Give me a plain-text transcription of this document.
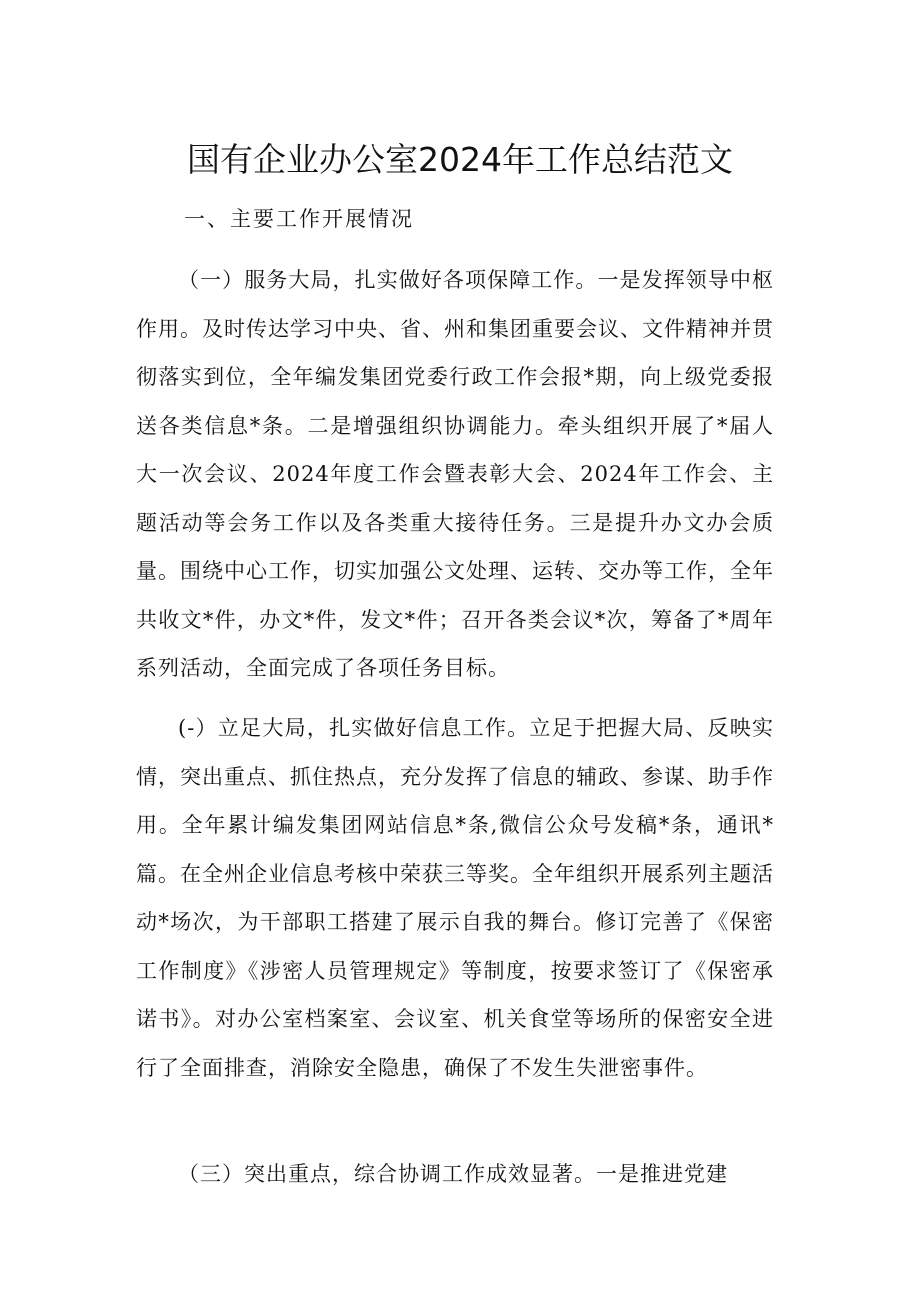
国有企业办公室2024年工作总结范文
一、主要工作开展情况

（一）服务大局，扎实做好各项保障工作。一是发挥领导中枢作用。及时传达学习中央、省、州和集团重要会议、文件精神并贯彻落实到位，全年编发集团党委行政工作会报*期，向上级党委报送各类信息*条。二是增强组织协调能力。牵头组织开展了*届人大一次会议、2024年度工作会暨表彰大会、2024年工作会、主题活动等会务工作以及各类重大接待任务。三是提升办文办会质量。围绕中心工作，切实加强公文处理、运转、交办等工作，全年共收文*件，办文*件，发文*件；召开各类会议*次，筹备了*周年系列活动，全面完成了各项任务目标。

(-）立足大局，扎实做好信息工作。立足于把握大局、反映实情，突出重点、抓住热点，充分发挥了信息的辅政、参谋、助手作用。全年累计编发集团网站信息*条,微信公众号发稿*条，通讯*篇。在全州企业信息考核中荣获三等奖。全年组织开展系列主题活动*场次，为干部职工搭建了展示自我的舞台。修订完善了《保密工作制度》《涉密人员管理规定》等制度，按要求签订了《保密承诺书》。对办公室档案室、会议室、机关食堂等场所的保密安全进行了全面排查，消除安全隐患，确保了不发生失泄密事件。

（三）突出重点，综合协调工作成效显著。一是推进党建
